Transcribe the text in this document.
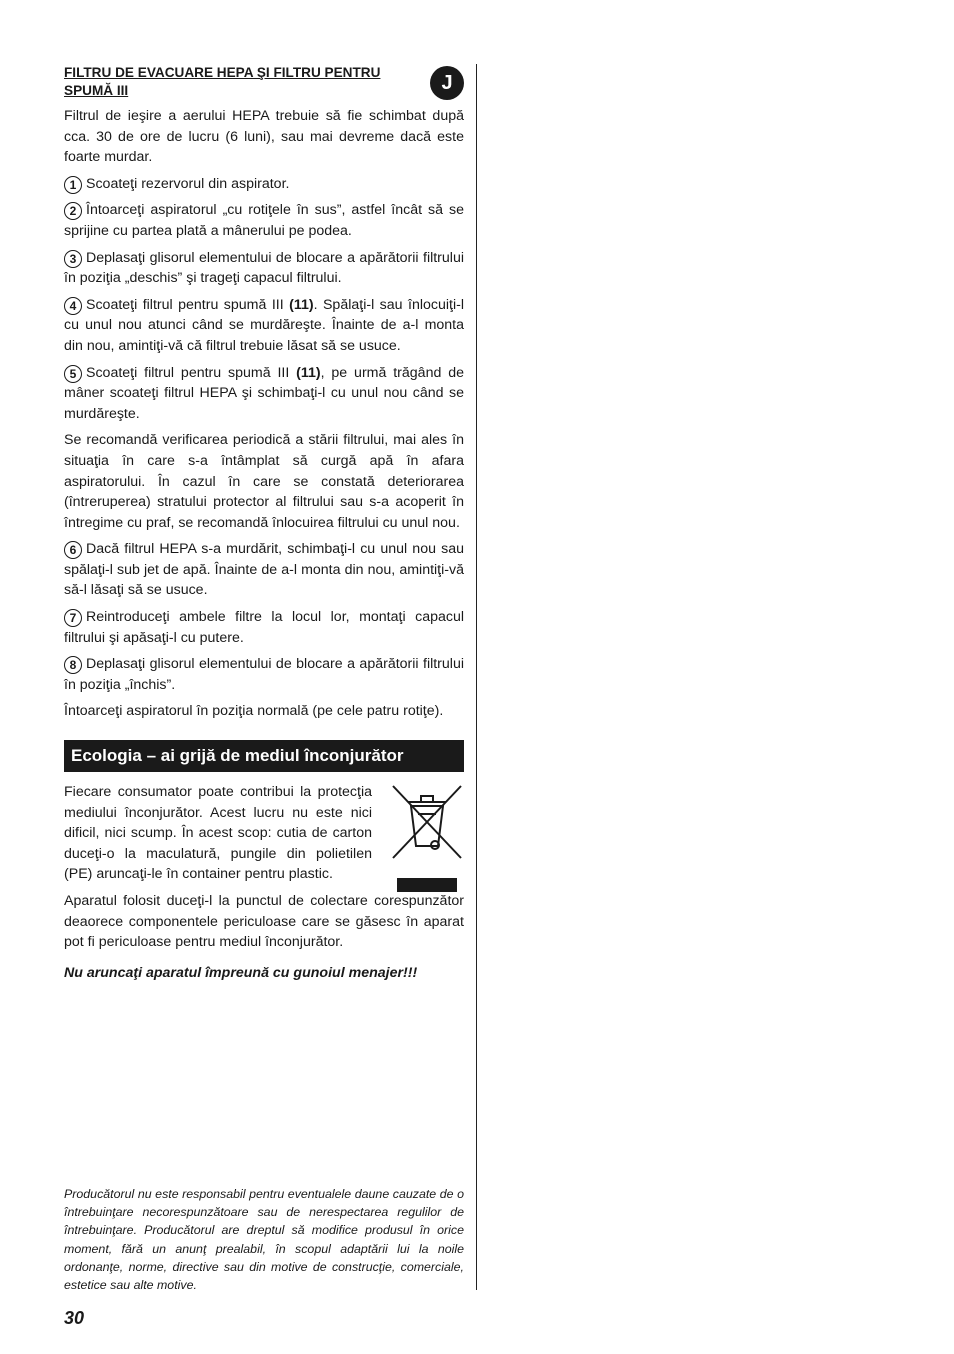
J
FILTRU DE EVACUARE HEPA ŞI FILTRU PENTRU SPUMĂ III

Filtrul de ieşire a aerului HEPA trebuie să fie schimbat după cca. 30 de ore de lucru (6 luni), sau mai devreme dacă este foarte murdar.

1 Scoateţi rezervorul din aspirator.

2 Întoarceţi aspiratorul „cu rotiţele în sus”, astfel încât să se sprijine cu partea plată a mânerului pe podea.

3 Deplasaţi glisorul elementului de blocare a apărătorii filtrului în poziţia „deschis” şi trageţi capacul filtrului.

4 Scoateţi filtrul pentru spumă III (11). Spălaţi-l sau înlocuiţi-l cu unul nou atunci când se murdăreşte. Înainte de a-l monta din nou, amintiţi-vă că filtrul trebuie lăsat să se usuce.

5 Scoateţi filtrul pentru spumă III (11), pe urmă trăgând de mâner scoateţi filtrul HEPA şi schimbaţi-l cu unul nou când se murdăreşte.

Se recomandă verificarea periodică a stării filtrului, mai ales în situaţia în care s-a întâmplat să curgă apă în afara aspiratorului. În cazul în care se constată deteriorarea (întreruperea) stratului protector al filtrului sau s-a acoperit în întregime cu praf, se recomandă înlocuirea filtrului cu unul nou.

6 Dacă filtrul HEPA s-a murdărit, schimbaţi-l cu unul nou sau spălaţi-l sub jet de apă. Înainte de a-l monta din nou, amintiţi-vă să-l lăsaţi să se usuce.

7 Reintroduceţi ambele filtre la locul lor, montaţi capacul filtrului şi apăsaţi-l cu putere.

8 Deplasaţi glisorul elementului de blocare a apărătorii filtrului în poziţia „închis”.

Întoarceţi aspiratorul în poziţia normală (pe cele patru rotiţe).

Ecologia – ai grijă de mediul înconjurător

Fiecare consumator poate contribui la protecţia mediului înconjurător. Acest lucru nu este nici dificil, nici scump. În acest scop: cutia de carton duceţi-o la maculatură, pungile din polietilen (PE) aruncaţi-le în container pentru plastic.

Aparatul folosit duceţi-l la punctul de colectare corespunzător deaorece componentele periculoase care se găsesc în aparat pot fi periculoase pentru mediul înconjurător.

Nu aruncaţi aparatul împreună cu gunoiul menajer!!!

Producătorul nu este responsabil pentru eventualele daune cauzate de o întrebuinţare necorespunzătoare sau de nerespectarea regulilor de întrebuinţare. Producătorul are dreptul să modifice produsul în orice moment, fără un anunţ prealabil, în scopul adaptării lui la noile ordonanţe, norme, directive sau din motive de construcţie, comerciale, estetice sau alte motive.
30
